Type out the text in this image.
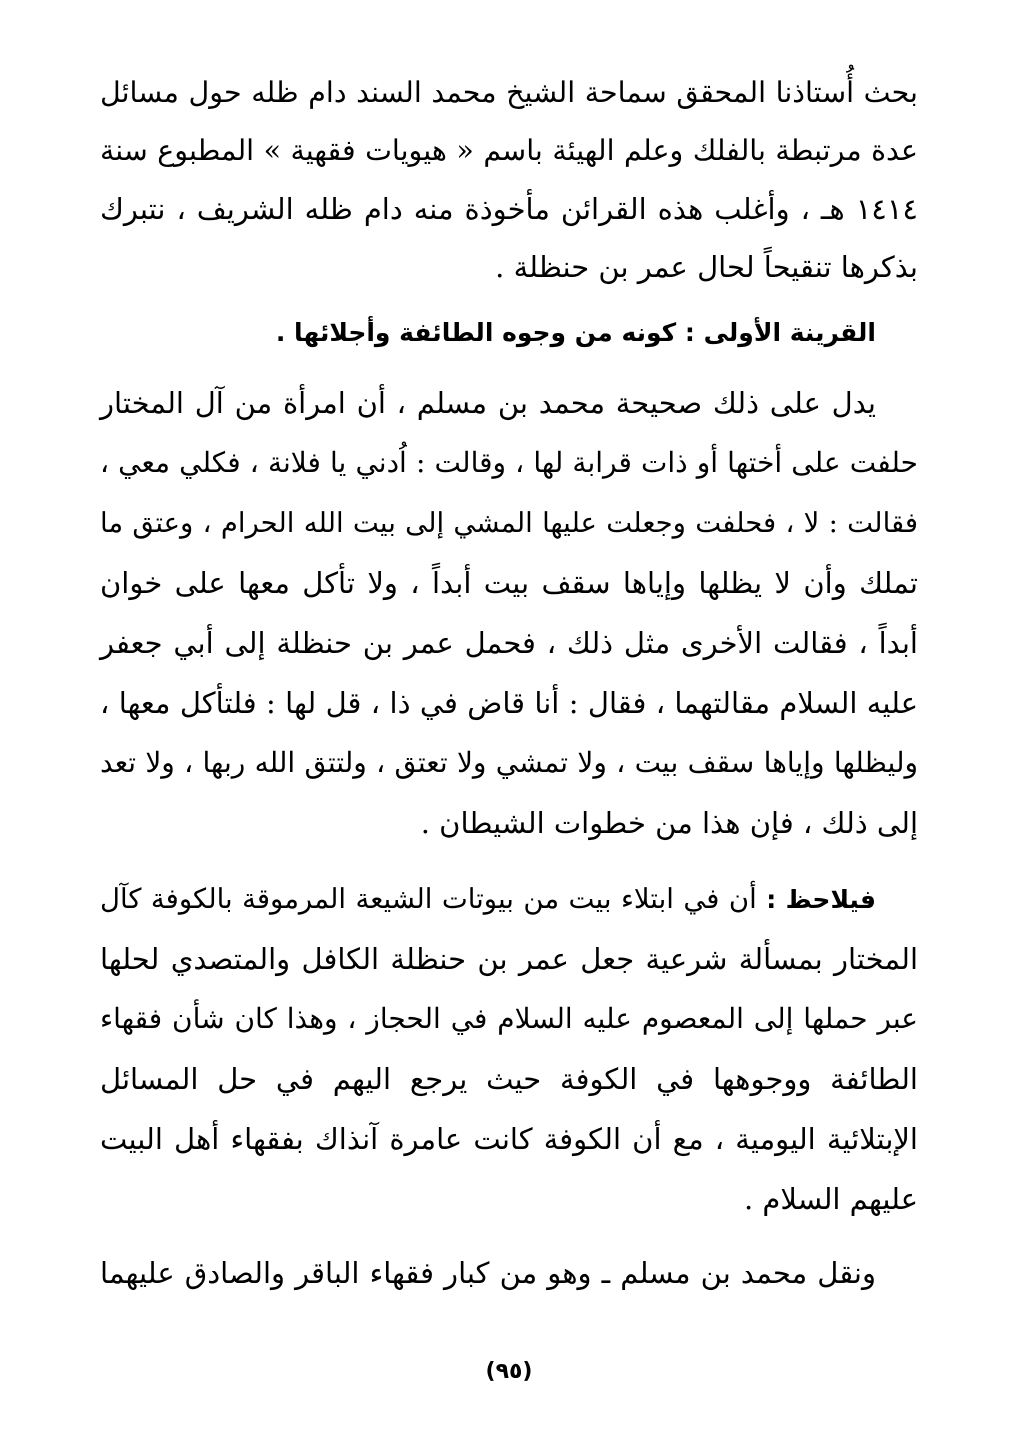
بحث أُستاذنا المحقق سماحة الشيخ محمد السند دام ظله حول مسائل
عدة مرتبطة بالفلك وعلم الهيئة باسم « هيويات فقهية » المطبوع سنة
١٤١٤ هـ ، وأغلب هذه القرائن مأخوذة منه دام ظله الشريف ، نتبرك
بذكرها تنقيحاً لحال عمر بن حنظلة .
القرينة الأولى : كونه من وجوه الطائفة وأجلائها .
يدل على ذلك صحيحة محمد بن مسلم ، أن امرأة من آل المختار
حلفت على أختها أو ذات قرابة لها ، وقالت : اُدني يا فلانة ، فكلي معي ،
فقالت : لا ، فحلفت وجعلت عليها المشي إلى بيت الله الحرام ، وعتق ما
تملك وأن لا يظلها وإياها سقف بيت أبداً ، ولا تأكل معها على خوان
أبداً ، فقالت الأخرى مثل ذلك ، فحمل عمر بن حنظلة إلى أبي جعفر
عليه السلام مقالتهما ، فقال : أنا قاض في ذا ، قل لها : فلتأكل معها ،
وليظلها وإياها سقف بيت ، ولا تمشي ولا تعتق ، ولتتق الله ربها ، ولا تعد
إلى ذلك ، فإن هذا من خطوات الشيطان .
فيلاحظ : أن في ابتلاء بيت من بيوتات الشيعة المرموقة بالكوفة كآل
المختار بمسألة شرعية جعل عمر بن حنظلة الكافل والمتصدي لحلها
عبر حملها إلى المعصوم عليه السلام في الحجاز ، وهذا كان شأن فقهاء
الطائفة ووجوهها في الكوفة حيث يرجع اليهم في حل المسائل
الإبتلائية اليومية ، مع أن الكوفة كانت عامرة آنذاك بفقهاء أهل البيت
عليهم السلام .
ونقل محمد بن مسلم ـ وهو من كبار فقهاء الباقر والصادق عليهما
(٩٥)
